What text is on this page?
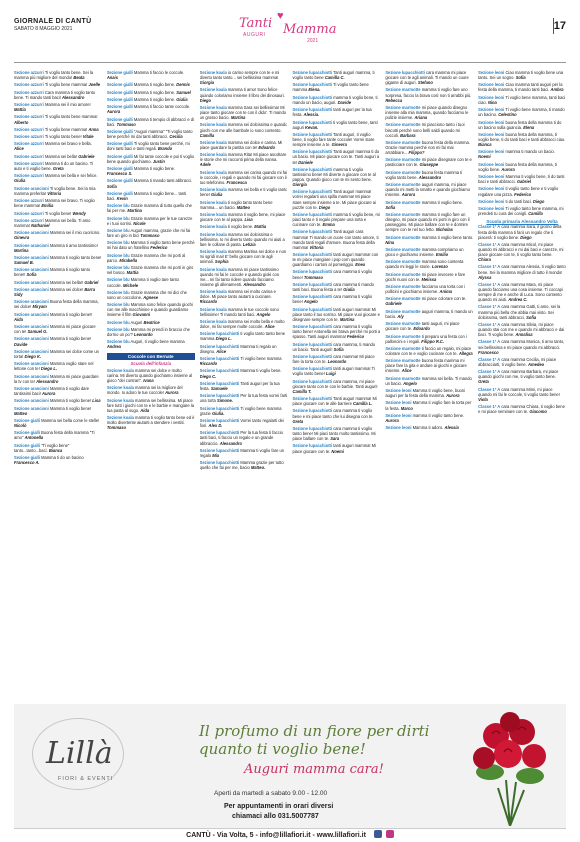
GIORNALE DI CANTÙ
SABATO 8 MAGGIO 2021
♥
Tanti
AUGURI Mamma
2021
17
Sezione azzurri Ti voglio tanto bene. Sei la mamma più migliore del mondo! Beata
Sezione azzurri Ti voglio bene mamma! Joelle
Sezione azzurri Cara mamma ti voglio tanto bene. Ti mando tanti baci! Alessandro
Sezione azzurri Mamma sei il mio amore! Mattia
Sezione azzurri Ti voglio tanto bene mamma! Alberto
Sezione azzurri Ti voglio bene mamma! Anna
Sezione azzurri Ti voglio tanto bene! Vitale
Sezione azzurri Mamma sei bravo e bella. Alice
Sezione azzurri Mamma sei bella! Gabriele
Sezione azzurri Mamma ti do un bacino. Ti auto e ti voglio bene. Greta
Sezione azzurri Mamma sei bella e sei felice. Giulia
Sezione arancioni Ti voglio bene. Sei la mia mamma preferita! Vittoria
Sezione azzurri Mamma sei bravo. Ti voglio bene mamma! Emilia
Sezione azzurri Ti voglio bene! Wendy
Sezione azzurri Mamma sei bella. Ti amo mamma! Nathaniel
Sezione arancioni Mamma sei il mio cuoricino. Ginevra
Sezione arancioni Mamma ti amo tantissimo! Martina
Sezione arancioni Mamma ti voglio tanto bene! Samuel B.
Sezione arancioni Mamma ti voglio tanto bene!! Sofia
Sezione arancioni Mamma sei bella!! Gabriel
Sezione arancioni Mamma sei dolce! Barra Sidy
Sezione arancioni Buona festa della mamma, sei dolce! Miryam
Sezione arancioni Mamma ti voglio bene!! Aida
Sezione arancioni Mamma mi piace giocare con te! Samuel G.
Sezione arancioni Mamma ti voglio bene! Davide
Sezione arancioni Mamma sei dolce come un torta! Diego K.
Sezione arancioni Mamma voglio stare nel lettone con te! Diego L.
Sezione arancioni Mamma mi piace guardare la tv con te! Alessandro
Sezione arancioni Mamma ti voglio dare tantissimi baci! Aurora
Sezione arancioni Mamma ti voglio bene! Lisa
Sezione arancioni Mamma ti voglio bene! Matteo
Sezione gialli Mamma sei bella come le stelle! Nicolò
Sezione gialli Buona festa della mamma "Ti amo" Antonella
Sezione gialli "Ti voglio bene" tanto...tanto...baci. Bianca
Sezione gialli Mamma ti do un bacino Francesco A.
Sezione gialli Mamma ti faccio le coccole. Anais
Sezione gialli Mamma ti voglio bene. Dennis
Sezione gialli Mamma ti voglio bene. Samuel
Sezione gialli Mamma ti voglio bene. Giulia
Sezione gialli Mamma ti faccio tante coccole. Aurora
Sezione gialli Mamma ti tempio di abbracci e di baci. Tommaso
Sezione gialli "Auguri mamma" "Ti voglio tanto bene perché mi dai tanti abbracci. Cecilia
Sezione gialli Ti voglio tanto bene perché, mi doni tanti baci e tanti regali. Brando
Sezione gialli Mi fai tante coccole e poi ti voglio bene quando giochiamo. Justin
Sezione gialli Mamma ti voglio bene. Francesco S.
Sezione gialli Mamma ti mando tanti abbracci. Sofia
Sezione gialli Mamma ti voglio bene... tanti baci. Kevin
Sezione blu Grazie mamma di tutto quello che fai per me. Martina
Sezione blu Grazie mamma per le tue carezze e i tuoi sorrisi. Nicole
Sezione blu Auguri mamma, grazie che mi fai fare un giro in bici Tommaso
Sezione blu Mamma ti voglio tanto bene perché mi hai dato un fratellino Federico
Sezione blu Grazie mamma che mi porti al parco. Mirabella
Sezione blu Grazie mamma che mi porti in giro nel bosco. Mattia
Sezione blu Mamma ti voglio tare tanto coccole. Michele
Sezione blu Grazie mamma che mi dici che sono un coccolone. Agnese
Sezione blu Mamma sono felice quando giochi con me alle macchinine e quando guardiamo insieme il film Giovanni
Sezione blu Auguri Beatrice
Sezione blu Mamma mi prendi in braccio che dormo un po'? Leonardo
Sezione blu Auguri, ti voglio bene mamma Andrea
Coccole con Bernate
Scuola dell'infanzia
Sezione koala mamma sei dolce e molto carina. Mi diverto quando giochiamo insieme al gioco "dei contrari". Ivana
Sezione koala mamma sei la migliore del mondo. Io adoro le tue coccole! Aurora
Sezione koala mamma sei bellissima. Mi piace fare tutti i giochi con te e le barbie e mangiare la tua pasta al sugo. Aida
Sezione koala mamma ti voglio tanto bene ed è molto divertente aiutarti a stendere i vestiti. Tommaso
Sezione koala io carino sempre con te e mi diverto tanto tanto... sei bellissima mamma! Giorgia
Sezione koala mamma ti amo! Sono felice quando coloriamo insieme il libro dei dinosauri. Diego
Sezione koala mamma Sara sei bellissima! Mi piace tanto giocare con te con il dido'. Ti mando un grosso bacio. Martina
Sezione koala mamma sei dolcissima e quando giochi con me alle bambole io sono contento. Camilla
Sezione koala mamma sei dolce e carina. Mi piace guardare la partita con te! Edoardo
Sezione koala mamma Rita! Mi piace ascoltare le storie che mi racconti prima della nanna. Adele
Sezione koala mamma sei carina quando mi fai le coccole, i regali e quando mi fai giocare con il tuo telefonino. Francesca
Sezione koala mamma sei bella e ti voglio tanto bene! Giulia
Sezione koala ti voglio tanto tanto bene mamma... un bacio. Matteo
Sezione koala mamma ti voglio bene, mi piace giocare con te al pappa. Lisa
Sezione koala ti voglio bene. Mattia
Sezione koala mamma sei dolcissima e bellissima. Io mi diverto tanto quando mi aiuti a fare le collane di pasta. Letizia
Sezione koala mamma Martina sei dolce e non mi sgridi mai! E' bello giocare con te agli animali. Sophia
Sezione koala mamma mi piace tantissimo quando mi fai le coccole e quando gioki con me... mi fai tanto ridere quando facciamo insieme gli allenamenti. Alessandro
Sezione koala mamma sei molto carina e dolce. Mi piace tanto aiutarti a cucinare. Riccardo
Sezione koala mamma le tue coccole sono bellissime! Ti mando tanti baci. Angelo
Sezione koala mamma sei molto bella e molto dolce, mi fai sempre molte coccole. Alice
Sezione lupacchiotti ti voglio tanto tanto bene mamma Diego L.
Sezione lupacchiotti Mamma ti regalo un disegno. Alice
Sezione lupacchiotti Ti voglio bene mamma Riccardo
Sezione lupacchiotti Mamma ti voglio bene. Diego C.
Sezione lupacchiotti Tanti auguri per la tua festa. Samuele
Sezione lupacchiotti Per la tua festa vorrei farti una torta Simone.
Sezione lupacchiotti Ti voglio bene mamma grazie Giulia.
Sezione lupacchiotti Vorrei tanto regalarti dei fiori. Alex D.
Sezione lupacchiotti Per la tua festa ti faccio tanti baci, ti faccio un regalo e un grande abbraccio. Alessandro
Sezione lupacchiotti Mamma ti voglio fare un regalo Mia
Sezione lupacchiotti Mamma grazie per tutto quello che fai per me, bacio Matteo.
Sezione lupacchiotti Tanti auguri mamma, ti voglio tanto bene Camilla C.
Sezione lupacchiotti Ti voglio tanto bene mamma Elena.
Sezione lupacchiotti mamma ti voglio bene, ti mando un bacio, auguri. Davide
Sezione lupacchiotti tanti auguri per la tua festa. Alessia.
Sezione lupacchiotti ti voglio tanto bene, tanti auguri Kevan.
Sezione lupacchiotti Tanti auguri, ti voglio bene, ti voglio fare tante coccole! Vorrei stare sempre insieme a te. Ginevra
Sezione lupacchiotti Tanti auguri mamma ti do un bacio. Mi piace giocare con te. Tanti auguri a te! Daniele
Sezione lupacchiotti mamma ti voglio tantissimo bene! Mi diverte a giocare con te al pappa. Quando gioco con te mi sento bene. Giorgia
Sezione lupacchiotti Tanti auguri mamma! vorrei regalarti una spilla mamma! Mi piace stare sempre insieme a te. Mi piace giocare ai puzzle con te. Diego
Sezione lupacchiotti mamma ti voglio bene, mi piaci tanto e ti regalo prepare una torta e cucinare con te. Emma
Sezione lupacchiotti Tanti auguri cara mamma! Ti mando un cuore con tanto amore, ti mando tanti regali d'amore. Buona festa della mamma! Vittoria
Sezione lupacchiotti tanti auguri mamma! con te mi piace mangiare i pop corn quando guardiamo i cartoni al pomeriggio. Enea
Sezione lupacchiotti cara mamma ti voglio bene! Tommaso
Sezione lupacchiotti cara mamma ti mando tanti baci. Buona festa a te! Giulia
Sezione lupacchiotti cara mamma ti voglio bene! Angelo
Sezione lupacchiotti tanti auguri mamma! Mi piace tanto il tuo sorriso. Mi piace vuoi giocare e disegnare sempre con te. Martina
Sezione lupacchiotti cara mamma ti voglio tanto bene! Antonella sei brava perché mi porti a spasso. Tanti auguri mamma! Federico
Sezione lupacchiotti cara mamma, ti mando un bacio. Tanti auguri! Sofia
Sezione lupacchiotti cara mamma! Mi piace fare la torta con te. Leonardo
Sezione lupacchiotti tanti auguri mamma! Ti voglio tanto bene! Luigi
Sezione lupacchiotti cara mamma, mi piace giocare tanto con te con le barbie. Tanti auguri! Camilla T.
Sezione lupacchiotti Tanti auguri mamma! Mi piace giocare con te alle barriere Camilla L.
Sezione lupacchiotti cara mamma ti voglio bene e mi piace tanto che lui disegna con te. Greta
Sezione lupacchiotti cara mamma ti voglio tanto bene! Mi piaci tanto molto tantissimo. Mi piace ballare con te. Sara
Sezione lupacchiotti tanti auguri mamma! Mi piace giocare con te. Noemi
Sezione lupacchiotti cara mamma mi piace giocare con te agli animali. Ti mando un cuore gigante di auguri. Stefano
Sezione marmotte mamma ti voglio fare uno sorpresa, faccio la brava così non ti arrabbi più. Rebecca
Sezione marmotte mi piace quando disegno insieme alla mia mamma, quando facciamo le pulizie insieme. Ariana
Sezione marmotte mi piacciono tanto i tuoi biscotti perché sono belli saldi quando mi coccoli. Barbara
Sezione marmotte buona festa della mamma. Grazie mamma perché non mi fai mai arrabbiare... Filippo?
Sezione marmotte mi piace disegnare con te e pasticciare con te. Giuseppe
Sezione marmotte buona festa mamma ti voglio tanto bene. Alessandro
Sezione marmotte auguri mamma, mi piace quando mi metti la smalto e quando giochiamo insieme. Aurora
Sezione marmotte mamma ti voglio bene. Sofia
Sezione marmotte mamma ti voglio fare un disegno, mi piace quando mi porti in giro con il passeggino. Mi piace ballare con te e dormire sempre con te nel tuo letto. Nicholas
Sezione marmotte mamma ti voglio bene tanto. Nina
Sezione marmotte mamma compriamo un gioco e giochiamo insieme. Emilio
Sezione marmotte mamma sono contenta quando mi leggi le storie. Lorenzo
Sezione marmotte mi piace invecere e fare giochi nuovi con te. Melissa
Sezione marmotte facciamo una torta con i pollicini e giochiamo insieme. Anima
Sezione marmotte mi piace colorare con te. Gabriele
Sezione marmotte auguri mamma, ti mando un bacio. Aly
Sezione marmotte tanti auguri, mi piace giocare con te. Edoardo
Sezione marmotte ti preparo una festa con i palloncini e i regali. Filippo R.C.
Sezione marmotte ti faccio un regalo, mi piace colorare con te e voglio cucinare con te. Allegra
Sezione marmotte buona festa mamma mi piace fare la gita e andare ai giochi e giocare insieme. Alice
Sezione marmotte mamma sei bella. Ti mando un bacio. Angelo
Sezione leoni Mamma ti voglio bene, buoni auguri per la festa della mamma. Aurora
Sezione leoni Mamma ti voglio fare la torta per la festa. Marco
Sezione leoni mamma ti voglio tanto bene. Aurora
Sezione leoni Mamma ti adoro. Alessia
Sezione leoni Ciao mamma ti voglio bene una tanto. Sei un sogno. Sofia
Sezione leoni Ciao mamma tanti auguri per la festa della mamma, ti mando tanti baci. Ambra
Sezione leoni Ti voglio bene mamma, tanti baci ciao. Nina
Sezione leoni Ti voglio bene mamma, ti mando un bacino. Celestino
Sezione leoni buona festa della mamma ti do un bacino sulla guancia. Elena
Sezione leoni buona festa della mamma, ti voglio bene, ti do tanti baci e tanti abbracci ciao. Bianca
Sezione leoni mamma ti mando un bacio. Noemi
Sezione leoni buona festa della mamma, ti voglio bene. Aurora
Sezione leoni Mamma ti voglio bene, ti do tanti baci e tanti abbracci. Gabriel
Sezione leoni ti voglio tanto bene e ti voglio regalare una pizza. Federico
Sezione leoni ti do tanti baci. Diego
Sezione leoni Ti voglio tanto bene mamma, mi prendeti tu cura dei conigli. Camilla
Scuola primaria Alessandro Volta
Classe 1ª A cara mamma Sara, il giorno della festa della mamma ti farò un regalo che ti piacerà: ti voglio bene. Diego
Classe 1ª A cara mamma Micol, mi piace quando mi abbracci e mi dai baci e carezze, mi piace giocare con te, ti voglio tanto bene. Chiara
Classe 1ª A cara mamma Alessia, ti voglio tanto bene. Sei la mamma migliore di tutto il mondo! Alyssa
Classe 1ª A cara mamma Mara, mi piace quando facciamo una cosa insieme. Ti coccapi sempre di me e anche di Luca. Sono contento quando mi aiuti. Andrea C.
Classe 1ª A cara mamma Gatti, ti amo, sei la mamma più bella che abbia mai visto. Sei dolcissima, tanti abbracci. Sofia
Classe 1ª A cara mamma Silvia, mi piace quando stai con me e quando mi abbracci e dai baci. Ti voglio bene. Annalisa
Classe 1ª A cara mamma Monica, ti amo tanto, sei bellissima e mi piace quando mi abbracci. Francesco
Classe 1ª A cara mamma Cecilia, mi piace abbracciarti, ti voglio bene. Amedeo
Classe 1ª A cara mamma Barbara, mi piace quando giochi con me, ti voglio tanto bene. Greta
Classe 1ª A cara mamma Mimi, mi piace quando mi fai le coccole, ti voglio tanto bene! Viola
Classe 1ª A cara mamma Chiara, ti voglio bene e mi piace seminare con te. Giacomo
Lillà
FIORI & EVENTI
Il profumo di un fiore per dirti quanto ti voglio bene!
Auguri mamma cara!
Aperti da martedì a sabato 9.00 - 12.00
Per appuntamenti in orari diversi
chiamaci allo 031.5007787
CANTÙ - Via Volta, 5 - info@lillafiori.it - www.lillafiori.it
